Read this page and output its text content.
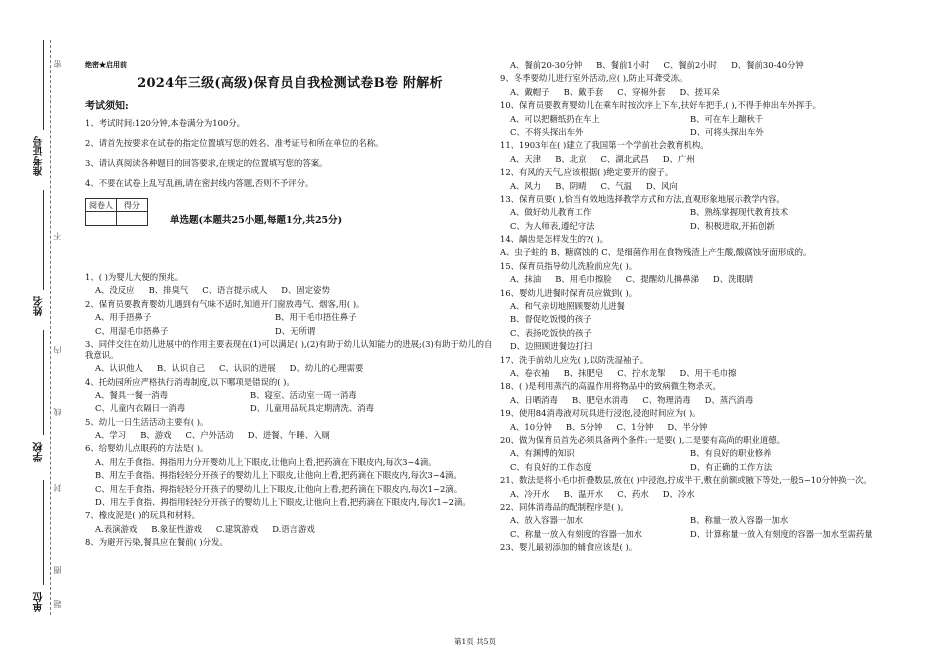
准考证号
姓名
学校
单位
密
不
内
线
封
圈
题
绝密★启用前
2024年三级(高级)保育员自我检测试卷B卷 附解析
考试须知:
1、考试时间:120分钟,本卷满分为100分。
2、请首先按要求在试卷的指定位置填写您的姓名、准考证号和所在单位的名称。
3、请认真阅读各种题目的回答要求,在规定的位置填写您的答案。
4、不要在试卷上乱写乱画,请在密封线内答题,否则不予评分。
阅卷人	得分

1、( )为婴儿大便的预兆。
A、没反应 B、排臭气 C、语言提示成人 D、固定姿势
2、保育员要教育婴幼儿遇到有气味不适时,知道开门窗放毒气、烟客,用( )。
A、用手捂鼻子	B、用干毛巾捂住鼻子
C、用湿毛巾捂鼻子	D、无所谓
3、同伴交往在幼儿进展中的作用主要表现在(1)可以满足( ),(2)有助于幼儿认知能力的进展;(3)有助于幼儿的自我意识。
A、认识他人 B、认识自己 C、认识的进展 D、幼儿的心理需要
4、托幼园所应严格执行消毒制度,以下哪项是错误的( )。
A、餐具一餐一消毒	B、寝室、活动室一周一消毒
C、儿童内衣隔日一消毒	D、儿童用品玩具定期清洗、消毒
5、幼儿一日生活活动主要有( )。
A、学习 B、游戏 C、户外活动 D、进餐、午睡、入厕
6、给婴幼儿点眼药的方法是( )。
A、用左手食指、拇指用力分开婴幼儿上下眼皮,让他向上看,把药滴在下眼皮内,每次3~4滴。
B、用左手食指、拇指轻轻分开孩子的婴幼儿上下眼皮,让他向上看,把药滴在下眼皮内,每次3~4滴。
C、用左手食指、拇指轻轻分开孩子的婴幼儿上下眼皮,让他向上看,把药滴在下眼皮内,每次1~2滴。
D、用左手食指、拇指用轻轻分开孩子的婴幼儿上下眼皮,让他向上看,把药滴在下眼皮内,每次1~2滴。
7、橡皮泥是( )的玩具和材料。
A.表演游戏 B.象征性游戏 C.建筑游戏 D.语言游戏
8、为避开污染,餐具应在餐前( )分发。
单选题(本题共25小题,每题1分,共25分)
A、餐前20-30分钟 B、餐前1小时 C、餐前2小时 D、餐前30-40分钟
9、冬季要幼儿进行室外活动,应( ),防止耳聋受冻。
A、戴帽子 B、戴手套 C、穿棉外套 D、搓耳朵
10、保育员要教育婴幼儿在乘车时按次序上下车,扶好车把手,( ),不得手伸出车外挥手。
A、可以把糖纸扔在车上	B、可在车上蹦秋千
C、不将头探出车外	D、可将头探出车外
11、1903年在( )建立了我国第一个学前社会教育机构。
A、天津 B、北京 C、湖北武昌 D、广州
12、有风的天气,应该根据( )绝定要开的窗子。
A、风力 B、阴晴 C、气温 D、风向
13、保育员要( ),恰当有效地选择教学方式和方法,直观形象地展示教学内容。
A、做好幼儿教育工作	B、熟练掌握现代教育技术
C、为人师表,遵纪守法	D、积极进取,开拓创新
14、龋齿是怎样发生的?( )。
A、虫子蛀的 B、糖腐蚀的 C、是细菌作用在食物残渣上产生酸,酸腐蚀牙面形成的。
15、保育员指导幼儿洗脸前应先( )。
A、抹油 B、用毛巾擦脸 C、提醒幼儿擤鼻涕 D、洗眼睛
16、婴幼儿进餐时保育员应做到( )。
A、和气亲切地照顾婴幼儿进餐
B、督促吃饭慢的孩子
C、表扬吃饭快的孩子
D、边照顾进餐边打扫
17、洗手前幼儿应先( ),以防洗湿袖子。
A、卷衣袖 B、抹肥皂 C、拧水龙掣 D、用干毛巾擦
18、( )是利用蒸汽的高温作用将物品中的致病微生物杀灭。
A、日晒消毒 B、肥皂水消毒 C、物理消毒 D、蒸汽消毒
19、使用84消毒液对玩具进行浸泡,浸泡时间应为( )。
A、10分钟 B、5分钟 C、1分钟 D、半分钟
20、做为保育员首先必须具备两个条件:一是要( ),二是要有高尚的职业道德。
A、有渊博的知识	B、有良好的职业修养
C、有良好的工作态度	D、有正确的工作方法
21、数法是将小毛巾折叠数层,放在( )中浸泡,拧成半干,敷在前额或腋下等处,一般5~10分钟换一次。
A、冷开水 B、温开水 C、药水 D、冷水
22、同体消毒品的配制程序是( )。
A、放入容器一加水	B、称量一放入容器一加水
C、称量一放入有刻度的容器一加水	D、计算称量一放入有刻度的容器一加水至需药量
23、婴儿最初添加的辅食应该是( )。
第1页 共5页
